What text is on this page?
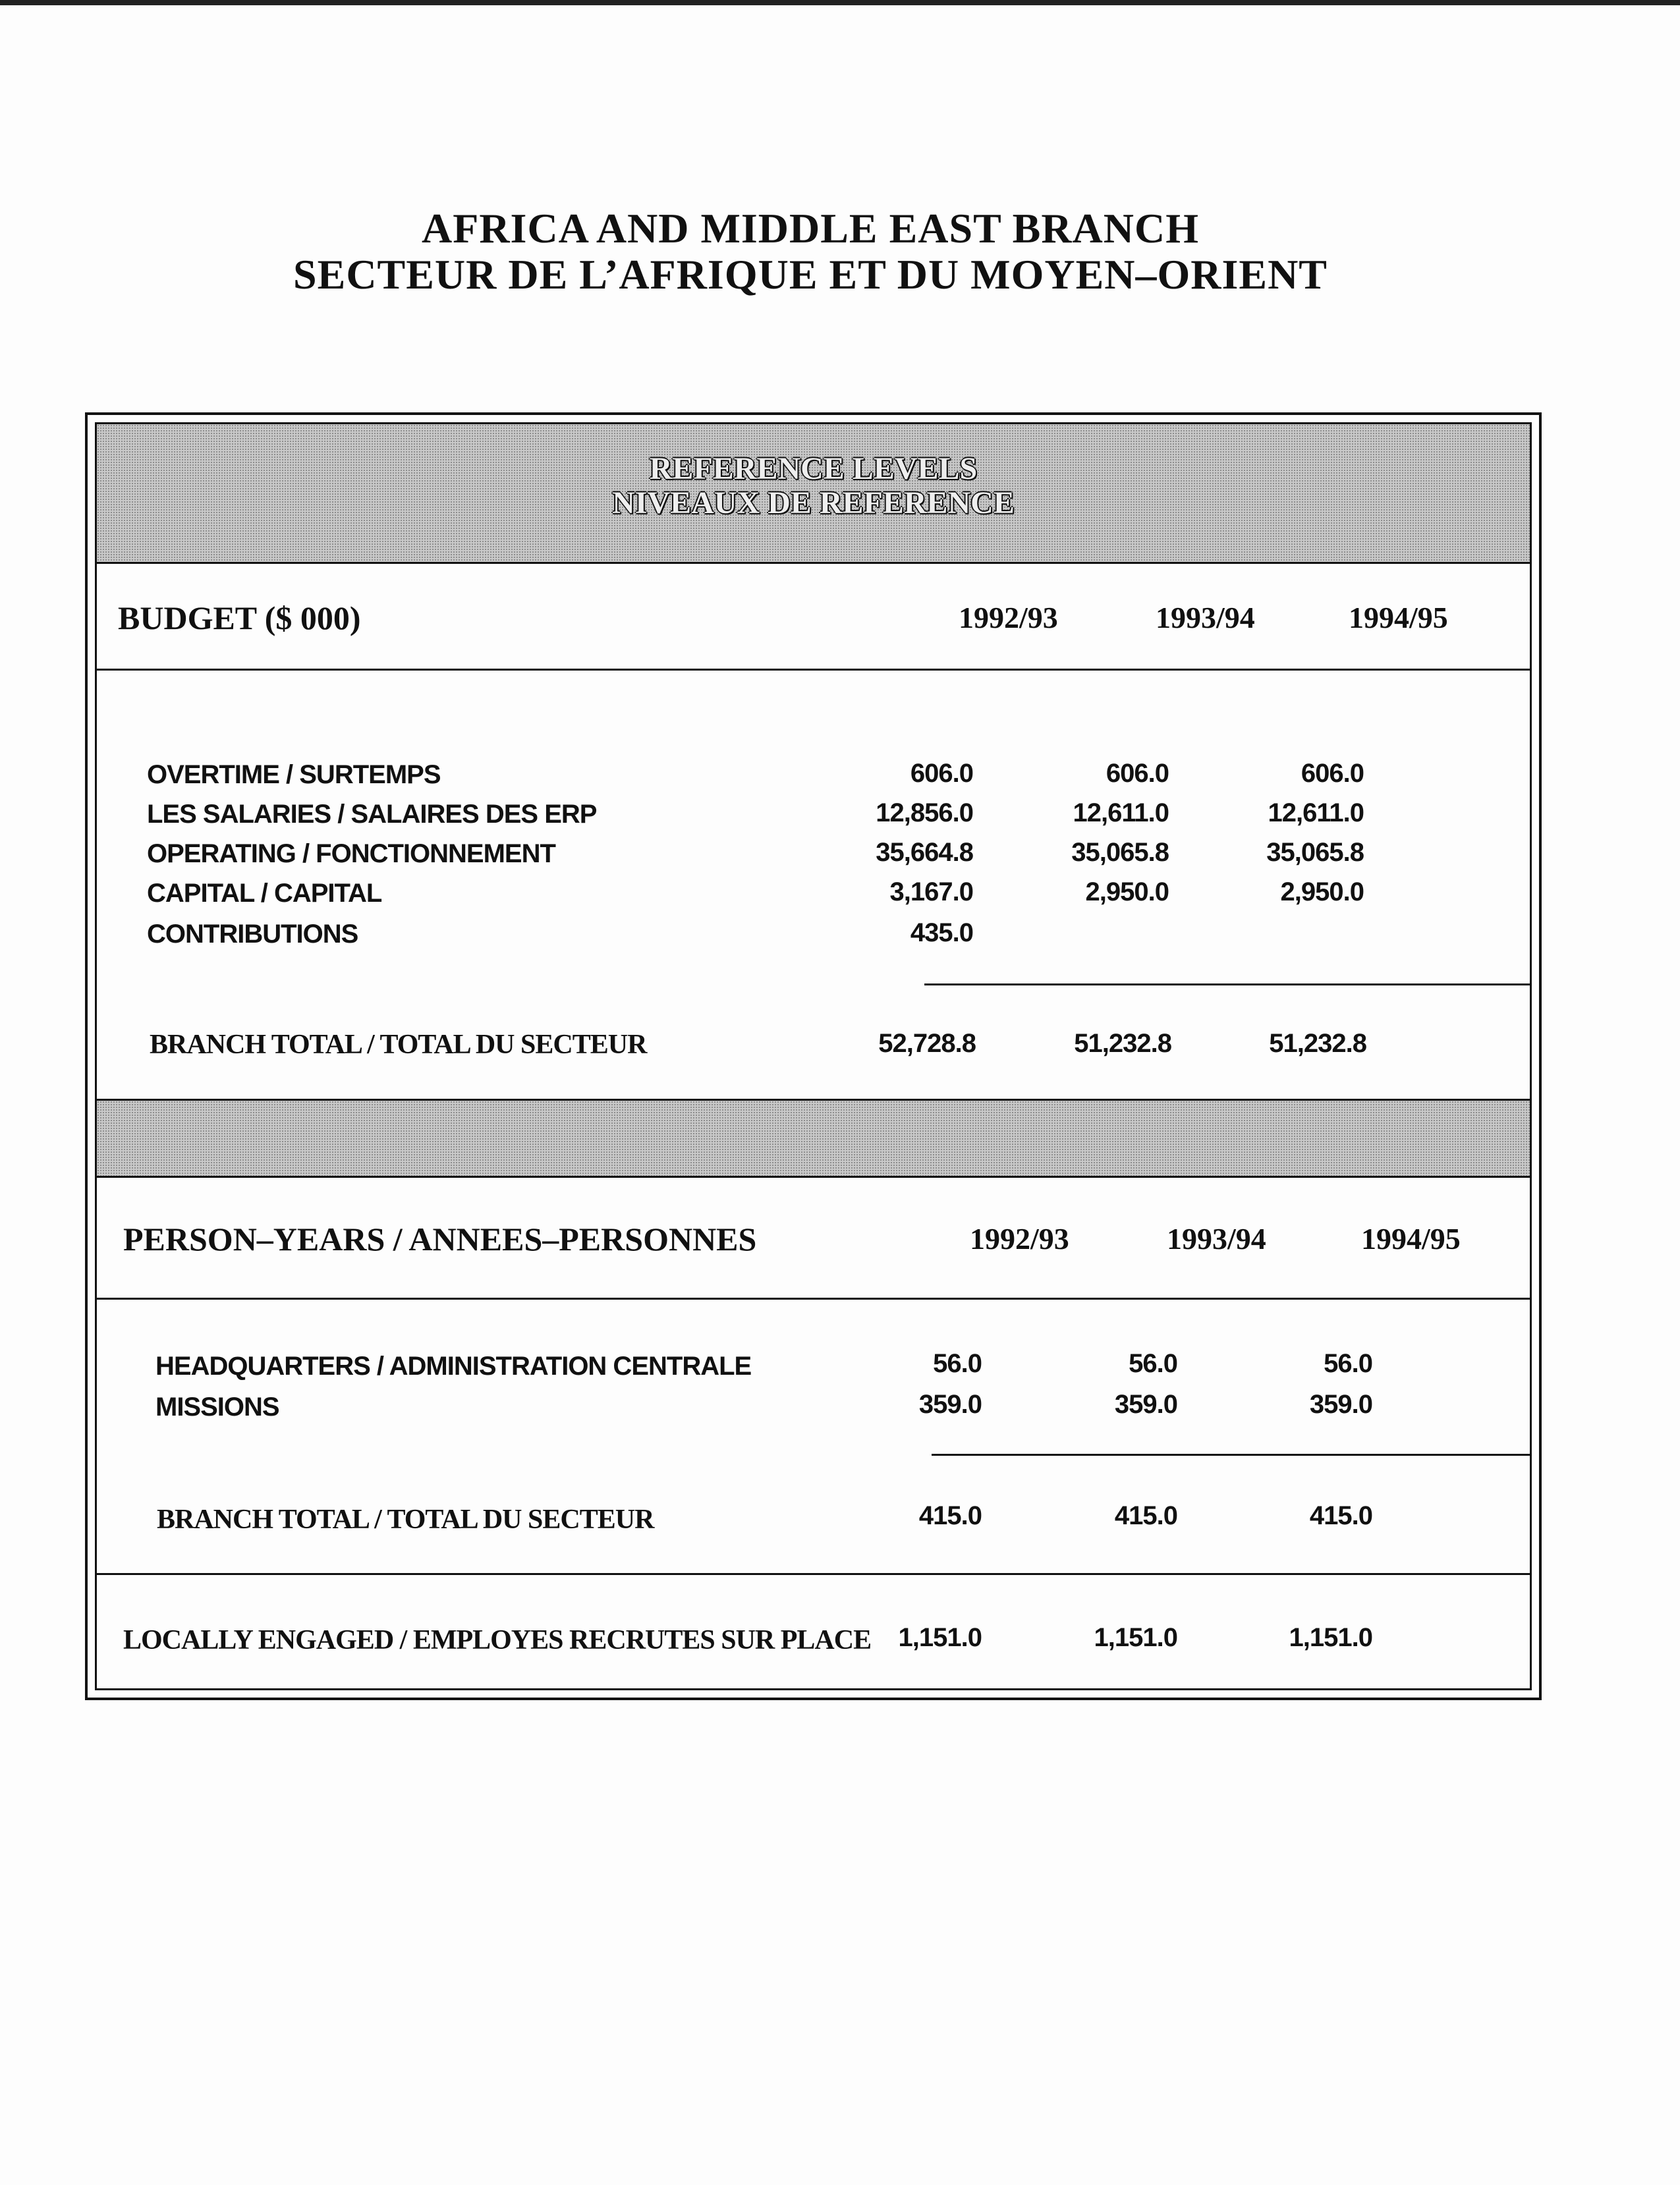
AFRICA AND MIDDLE EAST BRANCH
SECTEUR DE L’AFRIQUE ET DU MOYEN–ORIENT
REFERENCE LEVELS
NIVEAUX DE REFERENCE
BUDGET ($ 000)	1992/93	1993/94	1994/95
OVERTIME / SURTEMPS	606.0	606.0	606.0
LES SALARIES / SALAIRES DES ERP	12,856.0	12,611.0	12,611.0
OPERATING / FONCTIONNEMENT	35,664.8	35,065.8	35,065.8
CAPITAL / CAPITAL	3,167.0	2,950.0	2,950.0
CONTRIBUTIONS	435.0
BRANCH TOTAL / TOTAL DU SECTEUR	52,728.8	51,232.8	51,232.8
PERSON–YEARS / ANNEES–PERSONNES	1992/93	1993/94	1994/95
HEADQUARTERS / ADMINISTRATION CENTRALE	56.0	56.0	56.0
MISSIONS	359.0	359.0	359.0
BRANCH TOTAL / TOTAL DU SECTEUR	415.0	415.0	415.0
LOCALLY ENGAGED / EMPLOYES RECRUTES SUR PLACE	1,151.0	1,151.0	1,151.0
